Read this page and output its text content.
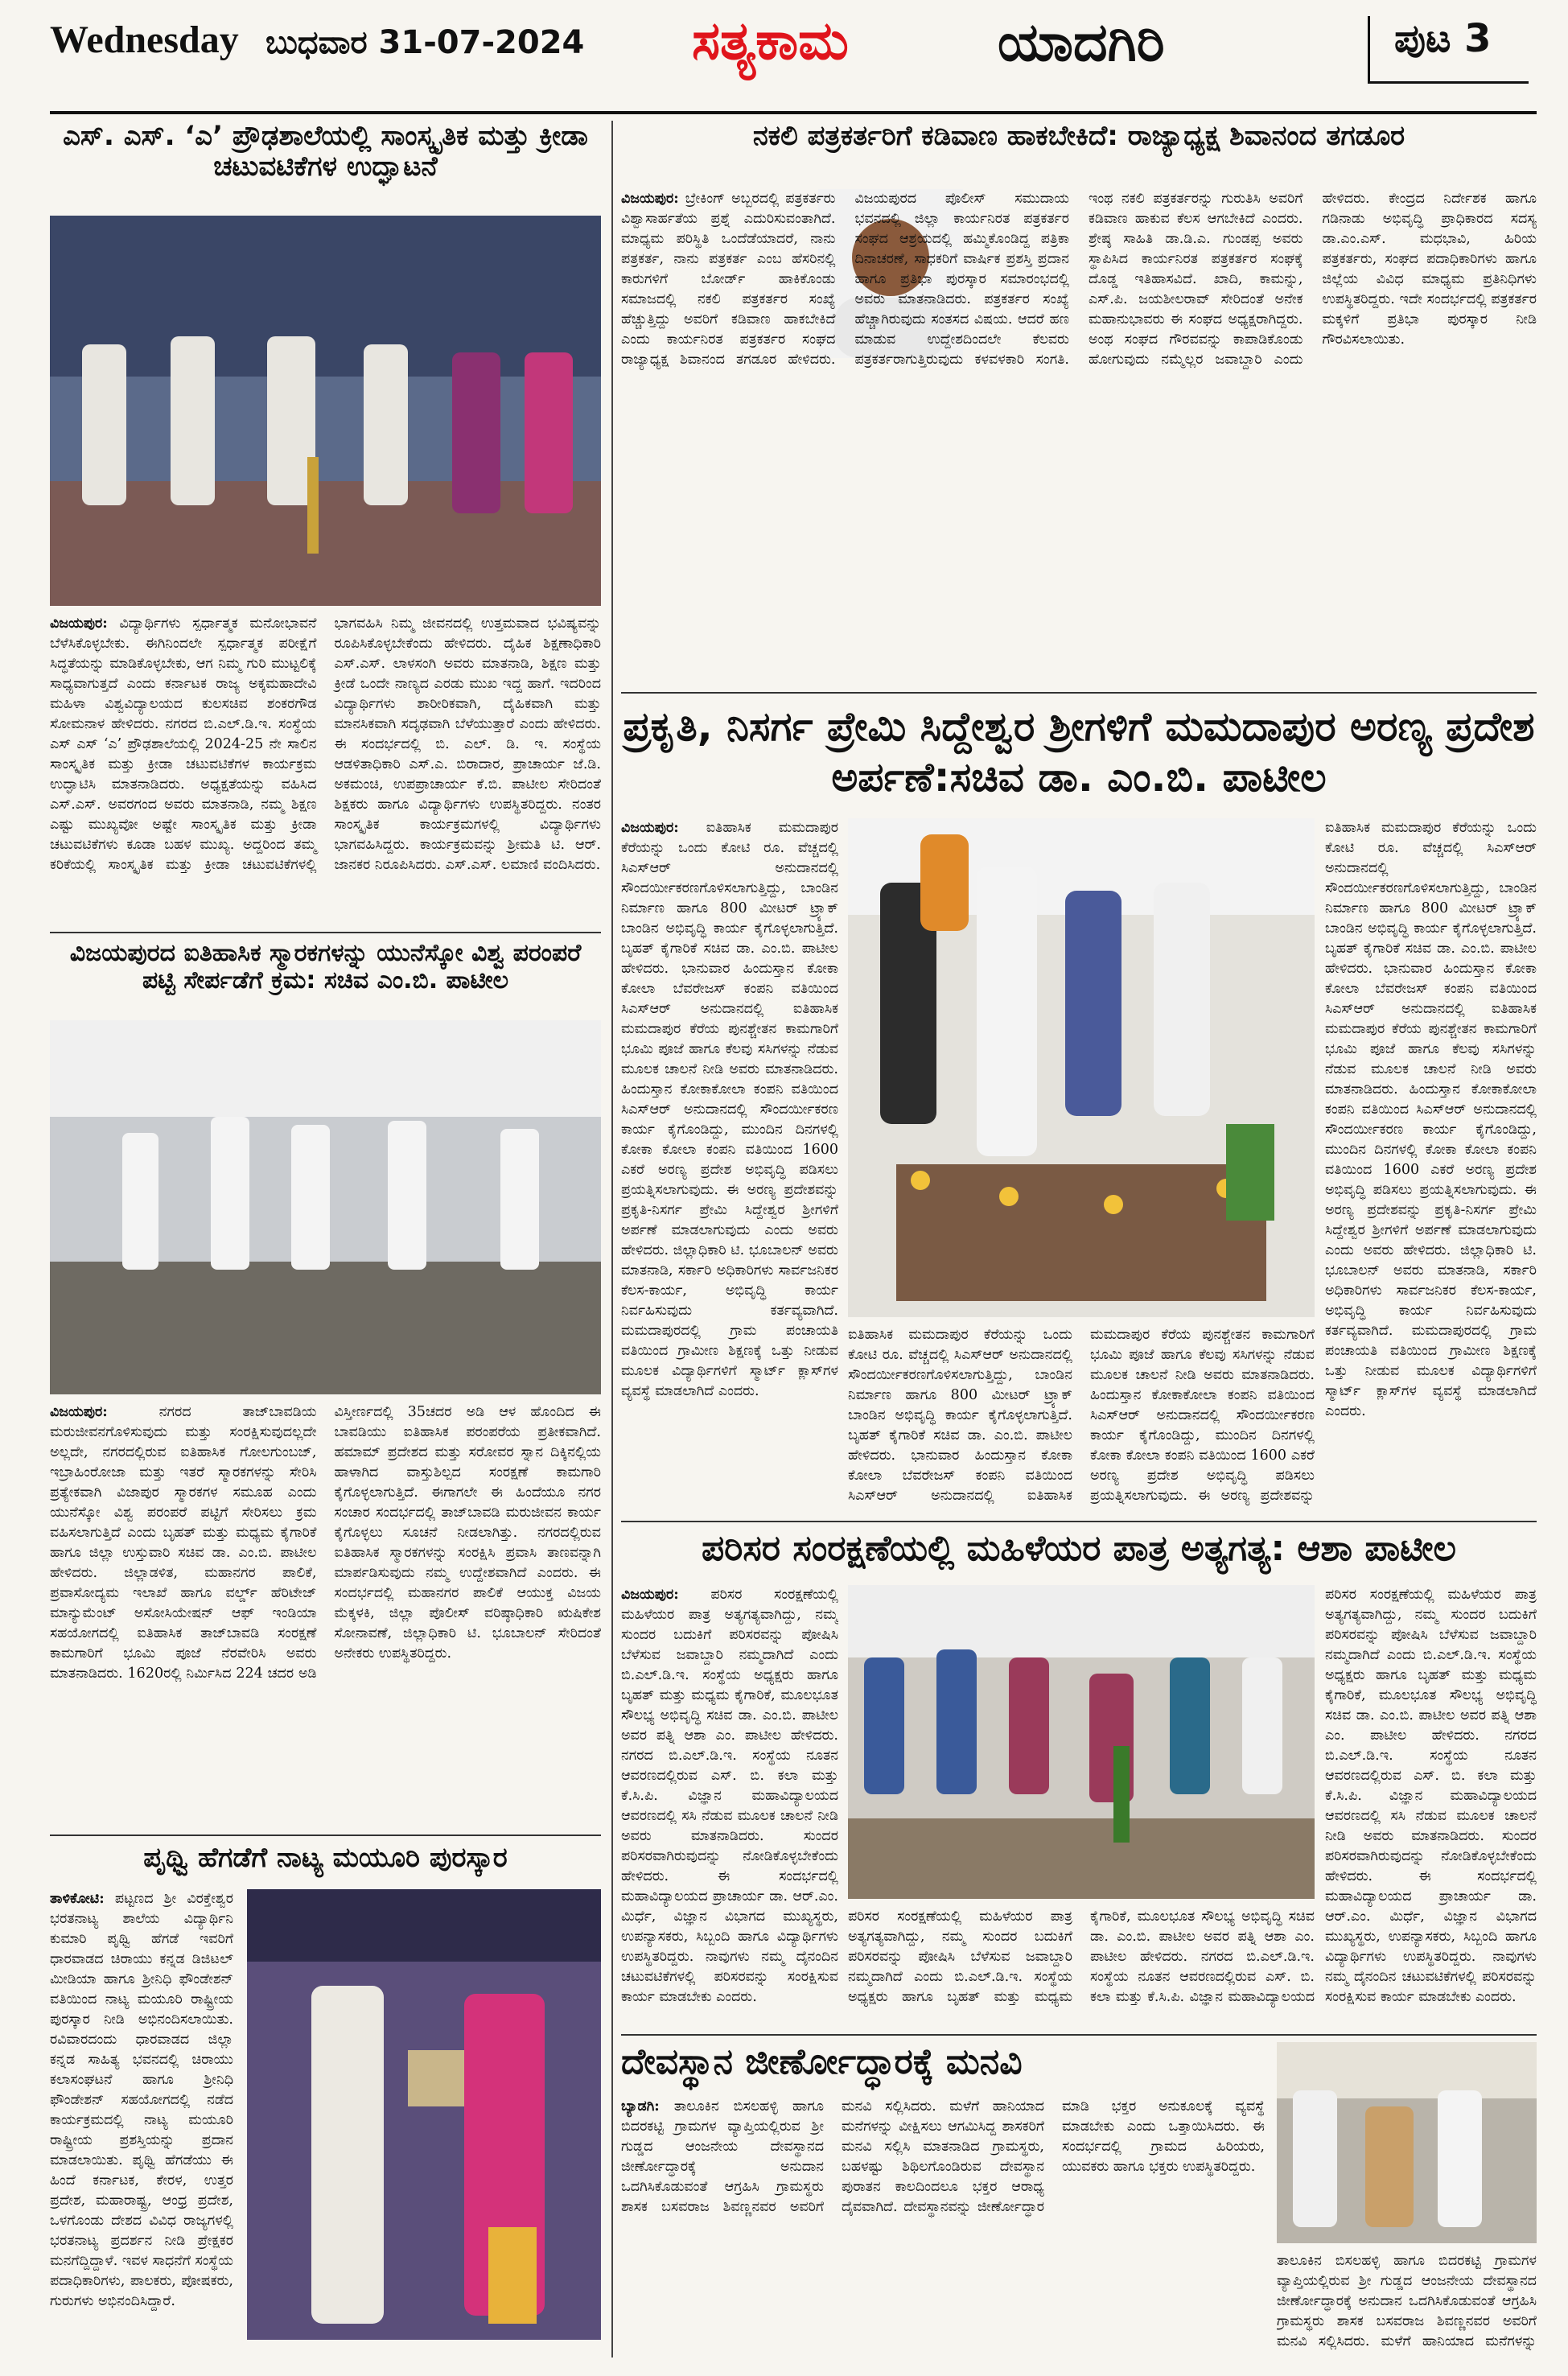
Wednesday ಬುಧವಾರ 31-07-2024 ಸತ್ಯಕಾಮ	ಯಾದಗಿರಿ	ಪುಟ 3
ಎಸ್. ಎಸ್. ‘ಎ’ ಪ್ರೌಢಶಾಲೆಯಲ್ಲಿ ಸಾಂಸ್ಕೃತಿಕ ಮತ್ತು ಕ್ರೀಡಾ ಚಟುವಟಿಕೆಗಳ ಉದ್ಘಾಟನೆ
ವಿಜಯಪುರ: ವಿದ್ಯಾರ್ಥಿಗಳು ಸ್ಪರ್ಧಾತ್ಮಕ ಮನೋಭಾವನೆ ಬೆಳೆಸಿಕೊಳ್ಳಬೇಕು. ಈಗಿನಿಂದಲೇ ಸ್ಪರ್ಧಾತ್ಮಕ ಪರೀಕ್ಷೆಗೆ ಸಿದ್ಧತೆಯನ್ನು ಮಾಡಿಕೊಳ್ಳಬೇಕು, ಆಗ ನಿಮ್ಮ ಗುರಿ ಮುಟ್ಟಲಿಕ್ಕೆ ಸಾಧ್ಯವಾಗುತ್ತದೆ ಎಂದು ಕರ್ನಾಟಕ ರಾಜ್ಯ ಅಕ್ಕಮಹಾದೇವಿ ಮಹಿಳಾ ವಿಶ್ವವಿದ್ಯಾಲಯದ ಕುಲಸಚಿವ ಶಂಕರಗೌಡ ಸೋಮನಾಳ ಹೇಳಿದರು. ನಗರದ ಬಿ.ಎಲ್.ಡಿ.ಇ. ಸಂಸ್ಥೆಯ ಎಸ್ ಎಸ್ ‘ಎ’ ಪ್ರೌಢಶಾಲೆಯಲ್ಲಿ 2024-25 ನೇ ಸಾಲಿನ ಸಾಂಸ್ಕೃತಿಕ ಮತ್ತು ಕ್ರೀಡಾ ಚಟುವಟಿಕೆಗಳ ಕಾರ್ಯಕ್ರಮ ಉದ್ಘಾಟಿಸಿ ಮಾತನಾಡಿದರು. ಅಧ್ಯಕ್ಷತೆಯನ್ನು ವಹಿಸಿದ ಎಸ್.ಎಸ್. ಅವರಗಂದ ಅವರು ಮಾತನಾಡಿ, ನಮ್ಮ ಶಿಕ್ಷಣ ಎಷ್ಟು ಮುಖ್ಯವೋ ಅಷ್ಟೇ ಸಾಂಸ್ಕೃತಿಕ ಮತ್ತು ಕ್ರೀಡಾ ಚಟುವಟಿಕೆಗಳು ಕೂಡಾ ಬಹಳ ಮುಖ್ಯ. ಅದ್ದರಿಂದ ತಮ್ಮ ಕರಿಕೆಯಲ್ಲಿ ಸಾಂಸ್ಕೃತಿಕ ಮತ್ತು ಕ್ರೀಡಾ ಚಟುವಟಿಕೆಗಳಲ್ಲಿ ಭಾಗವಹಿಸಿ ನಿಮ್ಮ ಜೀವನದಲ್ಲಿ ಉತ್ತಮವಾದ ಭವಿಷ್ಯವನ್ನು ರೂಪಿಸಿಕೊಳ್ಳಬೇಕೆಂದು ಹೇಳಿದರು. ದೈಹಿಕ ಶಿಕ್ಷಣಾಧಿಕಾರಿ ಎಸ್.ಎಸ್. ಲಾಳಸಂಗಿ ಅವರು ಮಾತನಾಡಿ, ಶಿಕ್ಷಣ ಮತ್ತು ಕ್ರೀಡೆ ಒಂದೇ ನಾಣ್ಯದ ಎರಡು ಮುಖ ಇದ್ದ ಹಾಗೆ. ಇದರಿಂದ ವಿದ್ಯಾರ್ಥಿಗಳು ಶಾರೀರಿಕವಾಗಿ, ದೈಹಿಕವಾಗಿ ಮತ್ತು ಮಾನಸಿಕವಾಗಿ ಸದೃಢವಾಗಿ ಬೆಳೆಯುತ್ತಾರೆ ಎಂದು ಹೇಳಿದರು. ಈ ಸಂದರ್ಭದಲ್ಲಿ ಬಿ. ಎಲ್. ಡಿ. ಇ. ಸಂಸ್ಥೆಯ ಆಡಳಿತಾಧಿಕಾರಿ ಎಸ್.ಎ. ಬಿರಾದಾರ, ಪ್ರಾಚಾರ್ಯ ಜೆ.ಡಿ. ಅಕಮಂಚಿ, ಉಪಪ್ರಾಚಾರ್ಯ ಕೆ.ಬಿ. ಪಾಟೀಲ ಸೇರಿದಂತೆ ಶಿಕ್ಷಕರು ಹಾಗೂ ವಿದ್ಯಾರ್ಥಿಗಳು ಉಪಸ್ಥಿತರಿದ್ದರು. ನಂತರ ಸಾಂಸ್ಕೃತಿಕ ಕಾರ್ಯಕ್ರಮಗಳಲ್ಲಿ ವಿದ್ಯಾರ್ಥಿಗಳು ಭಾಗವಹಿಸಿದ್ದರು. ಕಾರ್ಯಕ್ರಮವನ್ನು ಶ್ರೀಮತಿ ಟಿ. ಆರ್. ಜಾನಕರ ನಿರೂಪಿಸಿದರು. ಎಸ್.ಎಸ್. ಲಮಾಣಿ ವಂದಿಸಿದರು.
ವಿಜಯಪುರದ ಐತಿಹಾಸಿಕ ಸ್ಮಾರಕಗಳನ್ನು ಯುನೆಸ್ಕೋ ವಿಶ್ವ ಪರಂಪರೆ ಪಟ್ಟಿ ಸೇರ್ಪಡೆಗೆ ಕ್ರಮ: ಸಚಿವ ಎಂ.ಬಿ. ಪಾಟೀಲ
ವಿಜಯಪುರ:	ನಗರದ ತಾಜ್‌ಬಾವಡಿಯ ಮರುಜೀವನಗೊಳಿಸುವುದು ಮತ್ತು ಸಂರಕ್ಷಿಸುವುದಲ್ಲದೇ ಅಲ್ಲದೇ, ನಗರದಲ್ಲಿರುವ ಐತಿಹಾಸಿಕ ಗೋಲಗುಂಬಜ್, ಇಬ್ರಾಹಿಂರೋಜಾ ಮತ್ತು ಇತರೆ ಸ್ಮಾರಕಗಳನ್ನು ಸೇರಿಸಿ ಪ್ರತ್ಯೇಕವಾಗಿ ವಿಜಾಪುರ ಸ್ಮಾರಕಗಳ ಸಮೂಹ ಎಂದು ಯುನೆಸ್ಕೋ ವಿಶ್ವ ಪರಂಪರೆ ಪಟ್ಟಿಗೆ ಸೇರಿಸಲು ಕ್ರಮ ವಹಿಸಲಾಗುತ್ತಿದೆ ಎಂದು ಬೃಹತ್ ಮತ್ತು ಮಧ್ಯಮ ಕೈಗಾರಿಕೆ ಹಾಗೂ ಜಿಲ್ಲಾ ಉಸ್ತುವಾರಿ ಸಚಿವ ಡಾ. ಎಂ.ಬಿ. ಪಾಟೀಲ ಹೇಳಿದರು. ಜಿಲ್ಲಾಡಳಿತ, ಮಹಾನಗರ ಪಾಲಿಕೆ, ಪ್ರವಾಸೋದ್ಯಮ ಇಲಾಖೆ ಹಾಗೂ ವರ್ಲ್ಡ್ ಹೆರಿಟೇಜ್ ಮಾನ್ಯುಮೆಂಟ್ ಅಸೋಸಿಯೇಷನ್ ಆಫ್ ಇಂಡಿಯಾ ಸಹಯೋಗದಲ್ಲಿ ಐತಿಹಾಸಿಕ ತಾಜ್‌ಬಾವಡಿ ಸಂರಕ್ಷಣೆ ಕಾಮಗಾರಿಗೆ ಭೂಮಿ ಪೂಜೆ ನೆರವೇರಿಸಿ ಅವರು ಮಾತನಾಡಿದರು. 1620ರಲ್ಲಿ ನಿರ್ಮಿಸಿದ 224 ಚದರ ಅಡಿ ವಿಸ್ತೀರ್ಣದಲ್ಲಿ 35ಚದರ ಅಡಿ ಆಳ ಹೊಂದಿದ ಈ ಬಾವಡಿಯು ಐತಿಹಾಸಿಕ ಪರಂಪರೆಯ ಪ್ರತೀಕವಾಗಿದೆ. ಹಮಾಮ್ ಪ್ರದೇಶದ ಮತ್ತು ಸರೋವರ ಸ್ನಾನ ದಿಕ್ಕಿನಲ್ಲಿಯ ಹಾಳಾಗಿದ ವಾಸ್ತುಶಿಲ್ಪದ ಸಂರಕ್ಷಣೆ ಕಾಮಗಾರಿ ಕೈಗೊಳ್ಳಲಾಗುತ್ತಿದೆ. ಈಗಾಗಲೇ ಈ ಹಿಂದೆಯೂ ನಗರ ಸಂಚಾರ ಸಂದರ್ಭದಲ್ಲಿ ತಾಜ್‌ಬಾವಡಿ ಮರುಜೀವನ ಕಾರ್ಯ ಕೈಗೊಳ್ಳಲು ಸೂಚನೆ ನೀಡಲಾಗಿತ್ತು. ನಗರದಲ್ಲಿರುವ ಐತಿಹಾಸಿಕ ಸ್ಮಾರಕಗಳನ್ನು ಸಂರಕ್ಷಿಸಿ ಪ್ರವಾಸಿ ತಾಣವನ್ನಾಗಿ ಮಾರ್ಪಡಿಸುವುದು ನಮ್ಮ ಉದ್ದೇಶವಾಗಿದೆ ಎಂದರು. ಈ ಸಂದರ್ಭದಲ್ಲಿ ಮಹಾನಗರ ಪಾಲಿಕೆ ಆಯುಕ್ತ ವಿಜಯ ಮೆಕ್ಕಳಕಿ, ಜಿಲ್ಲಾ ಪೊಲೀಸ್ ವರಿಷ್ಠಾಧಿಕಾರಿ ಋಷಿಕೇಶ ಸೋನಾವಣೆ, ಜಿಲ್ಲಾಧಿಕಾರಿ ಟಿ. ಭೂಬಾಲನ್ ಸೇರಿದಂತೆ ಅನೇಕರು ಉಪಸ್ಥಿತರಿದ್ದರು.
ಪೃಥ್ವಿ ಹೆಗಡೆಗೆ ನಾಟ್ಯ ಮಯೂರಿ ಪುರಸ್ಕಾರ
ತಾಳಿಕೋಟಿ: ಪಟ್ಟಣದ ಶ್ರೀ ವಿರಕ್ತೇಶ್ವರ ಭರತನಾಟ್ಯ ಶಾಲೆಯ ವಿದ್ಯಾರ್ಥಿನಿ ಕುಮಾರಿ ಪೃಥ್ವಿ ಹೆಗಡೆ ಇವರಿಗೆ ಧಾರವಾಡದ ಚಿರಾಯು ಕನ್ನಡ ಡಿಜಿಟಲ್ ಮೀಡಿಯಾ ಹಾಗೂ ಶ್ರೀನಿಧಿ ಫೌಂಡೇಶನ್ ವತಿಯಿಂದ ನಾಟ್ಯ ಮಯೂರಿ ರಾಷ್ಟ್ರೀಯ ಪುರಸ್ಕಾರ ನೀಡಿ ಅಭಿನಂದಿಸಲಾಯಿತು. ರವಿವಾರದಂದು ಧಾರವಾಡದ ಜಿಲ್ಲಾ ಕನ್ನಡ ಸಾಹಿತ್ಯ ಭವನದಲ್ಲಿ ಚಿರಾಯು ಕಲಾಸಂಘಟನೆ ಹಾಗೂ ಶ್ರೀನಿಧಿ ಫೌಂಡೇಶನ್ ಸಹಯೋಗದಲ್ಲಿ ನಡೆದ ಕಾರ್ಯಕ್ರಮದಲ್ಲಿ ನಾಟ್ಯ ಮಯೂರಿ ರಾಷ್ಟ್ರೀಯ ಪ್ರಶಸ್ತಿಯನ್ನು ಪ್ರದಾನ ಮಾಡಲಾಯಿತು. ಪೃಥ್ವಿ ಹೆಗಡೆಯು ಈ ಹಿಂದೆ ಕರ್ನಾಟಕ, ಕೇರಳ, ಉತ್ತರ ಪ್ರದೇಶ, ಮಹಾರಾಷ್ಟ್ರ, ಆಂಧ್ರ ಪ್ರದೇಶ, ಒಳಗೊಂಡು ದೇಶದ ವಿವಿಧ ರಾಜ್ಯಗಳಲ್ಲಿ ಭರತನಾಟ್ಯ ಪ್ರದರ್ಶನ ನೀಡಿ ಪ್ರೇಕ್ಷಕರ ಮನಗೆದ್ದಿದ್ದಾಳೆ. ಇವಳ ಸಾಧನೆಗೆ ಸಂಸ್ಥೆಯ ಪದಾಧಿಕಾರಿಗಳು, ಪಾಲಕರು, ಪೋಷಕರು, ಗುರುಗಳು ಅಭಿನಂದಿಸಿದ್ದಾರೆ.
ನಕಲಿ ಪತ್ರಕರ್ತರಿಗೆ ಕಡಿವಾಣ ಹಾಕಬೇಕಿದೆ: ರಾಜ್ಯಾಧ್ಯಕ್ಷ ಶಿವಾನಂದ ತಗಡೂರ
ವಿಜಯಪುರ: ಬ್ರೇಕಿಂಗ್ ಅಬ್ಬರದಲ್ಲಿ ಪತ್ರಕರ್ತರು ವಿಶ್ವಾಸಾರ್ಹತೆಯ ಪ್ರಶ್ನೆ ಎದುರಿಸುವಂತಾಗಿದೆ. ಮಾಧ್ಯಮ ಪರಿಸ್ಥಿತಿ ಒಂದೆಡೆಯಾದರೆ, ನಾನು ಪತ್ರಕರ್ತ, ನಾನು ಪತ್ರಕರ್ತ ಎಂಬ ಹೆಸರಿನಲ್ಲಿ ಕಾರುಗಳಿಗೆ ಬೋರ್ಡ್ ಹಾಕಿಕೊಂಡು ಸಮಾಜದಲ್ಲಿ ನಕಲಿ ಪತ್ರಕರ್ತರ ಸಂಖ್ಯೆ ಹೆಚ್ಚುತ್ತಿದ್ದು ಅವರಿಗೆ ಕಡಿವಾಣ ಹಾಕಬೇಕಿದೆ ಎಂದು ಕಾರ್ಯನಿರತ ಪತ್ರಕರ್ತರ ಸಂಘದ ರಾಜ್ಯಾಧ್ಯಕ್ಷ ಶಿವಾನಂದ ತಗಡೂರ ಹೇಳಿದರು. ವಿಜಯಪುರದ ಪೊಲೀಸ್ ಸಮುದಾಯ ಭವನದಲ್ಲಿ ಜಿಲ್ಲಾ ಕಾರ್ಯನಿರತ ಪತ್ರಕರ್ತರ ಸಂಘದ ಆಶ್ರಯದಲ್ಲಿ ಹಮ್ಮಿಕೊಂಡಿದ್ದ ಪತ್ರಿಕಾ ದಿನಾಚರಣೆ, ಸಾಧಕರಿಗೆ ವಾರ್ಷಿಕ ಪ್ರಶಸ್ತಿ ಪ್ರದಾನ ಹಾಗೂ ಪ್ರತಿಭಾ ಪುರಸ್ಕಾರ ಸಮಾರಂಭದಲ್ಲಿ ಅವರು ಮಾತನಾಡಿದರು. ಪತ್ರಕರ್ತರ ಸಂಖ್ಯೆ ಹೆಚ್ಚಾಗಿರುವುದು ಸಂತಸದ ವಿಷಯ. ಆದರೆ ಹಣ ಮಾಡುವ ಉದ್ದೇಶದಿಂದಲೇ ಕೆಲವರು ಪತ್ರಕರ್ತರಾಗುತ್ತಿರುವುದು ಕಳವಳಕಾರಿ ಸಂಗತಿ. ಇಂಥ ನಕಲಿ ಪತ್ರಕರ್ತರನ್ನು ಗುರುತಿಸಿ ಅವರಿಗೆ ಕಡಿವಾಣ ಹಾಕುವ ಕೆಲಸ ಆಗಬೇಕಿದೆ ಎಂದರು. ಶ್ರೇಷ್ಠ ಸಾಹಿತಿ ಡಾ.ಡಿ.ಎ. ಗುಂಡಪ್ಪ ಅವರು ಸ್ಥಾಪಿಸಿದ ಕಾರ್ಯನಿರತ ಪತ್ರಕರ್ತರ ಸಂಘಕ್ಕೆ ದೊಡ್ಡ ಇತಿಹಾಸವಿದೆ. ಖಾದಿ, ಕಾಮನ್ನು, ಎಸ್.ಪಿ. ಜಯಶೀಲರಾವ್ ಸೇರಿದಂತೆ ಅನೇಕ ಮಹಾನುಭಾವರು ಈ ಸಂಘದ ಅಧ್ಯಕ್ಷರಾಗಿದ್ದರು. ಅಂಥ ಸಂಘದ ಗೌರವವನ್ನು ಕಾಪಾಡಿಕೊಂಡು ಹೋಗುವುದು ನಮ್ಮೆಲ್ಲರ ಜವಾಬ್ದಾರಿ ಎಂದು ಹೇಳಿದರು. ಕೇಂದ್ರದ ನಿರ್ದೇಶಕ ಹಾಗೂ ಗಡಿನಾಡು ಅಭಿವೃದ್ಧಿ ಪ್ರಾಧಿಕಾರದ ಸದಸ್ಯ ಡಾ.ಎಂ.ಎಸ್. ಮಧಭಾವಿ, ಹಿರಿಯ ಪತ್ರಕರ್ತರು, ಸಂಘದ ಪದಾಧಿಕಾರಿಗಳು ಹಾಗೂ ಜಿಲ್ಲೆಯ ವಿವಿಧ ಮಾಧ್ಯಮ ಪ್ರತಿನಿಧಿಗಳು ಉಪಸ್ಥಿತರಿದ್ದರು. ಇದೇ ಸಂದರ್ಭದಲ್ಲಿ ಪತ್ರಕರ್ತರ ಮಕ್ಕಳಿಗೆ ಪ್ರತಿಭಾ ಪುರಸ್ಕಾರ ನೀಡಿ ಗೌರವಿಸಲಾಯಿತು.
ಪ್ರಕೃತಿ, ನಿಸರ್ಗ ಪ್ರೇಮಿ ಸಿದ್ದೇಶ್ವರ ಶ್ರೀಗಳಿಗೆ ಮಮದಾಪುರ ಅರಣ್ಯ ಪ್ರದೇಶ ಅರ್ಪಣೆ:ಸಚಿವ ಡಾ. ಎಂ.ಬಿ. ಪಾಟೀಲ
ವಿಜಯಪುರ: ಐತಿಹಾಸಿಕ ಮಮದಾಪುರ ಕೆರೆಯನ್ನು ಒಂದು ಕೋಟಿ ರೂ. ವೆಚ್ಚದಲ್ಲಿ ಸಿಎಸ್‌ಆರ್ ಅನುದಾನದಲ್ಲಿ ಸೌಂದರ್ಯೀಕರಣಗೊಳಿಸಲಾಗುತ್ತಿದ್ದು, ಬಾಂಡಿನ ನಿರ್ಮಾಣ ಹಾಗೂ 800 ಮೀಟರ್ ಟ್ರ್ಯಾಕ್ ಬಾಂಡಿನ ಅಭಿವೃದ್ಧಿ ಕಾರ್ಯ ಕೈಗೊಳ್ಳಲಾಗುತ್ತಿದೆ. ಬೃಹತ್ ಕೈಗಾರಿಕೆ ಸಚಿವ ಡಾ. ಎಂ.ಬಿ. ಪಾಟೀಲ ಹೇಳಿದರು. ಭಾನುವಾರ ಹಿಂದುಸ್ತಾನ ಕೋಕಾ ಕೋಲಾ ಬೆವರೇಜಸ್ ಕಂಪನಿ ವತಿಯಿಂದ ಸಿಎಸ್‌ಆರ್ ಅನುದಾನದಲ್ಲಿ ಐತಿಹಾಸಿಕ ಮಮದಾಪುರ ಕೆರೆಯ ಪುನಶ್ಚೇತನ ಕಾಮಗಾರಿಗೆ ಭೂಮಿ ಪೂಜೆ ಹಾಗೂ ಕೆಲವು ಸಸಿಗಳನ್ನು ನೆಡುವ ಮೂಲಕ ಚಾಲನೆ ನೀಡಿ ಅವರು ಮಾತನಾಡಿದರು. ಹಿಂದುಸ್ತಾನ ಕೋಕಾಕೋಲಾ ಕಂಪನಿ ವತಿಯಿಂದ ಸಿಎಸ್‌ಆರ್ ಅನುದಾನದಲ್ಲಿ ಸೌಂದರ್ಯೀಕರಣ ಕಾರ್ಯ ಕೈಗೊಂಡಿದ್ದು, ಮುಂದಿನ ದಿನಗಳಲ್ಲಿ ಕೋಕಾ ಕೋಲಾ ಕಂಪನಿ ವತಿಯಿಂದ 1600 ಎಕರೆ ಅರಣ್ಯ ಪ್ರದೇಶ ಅಭಿವೃದ್ಧಿ ಪಡಿಸಲು ಪ್ರಯತ್ನಿಸಲಾಗುವುದು. ಈ ಅರಣ್ಯ ಪ್ರದೇಶವನ್ನು ಪ್ರಕೃತಿ-ನಿಸರ್ಗ ಪ್ರೇಮಿ ಸಿದ್ದೇಶ್ವರ ಶ್ರೀಗಳಿಗೆ ಅರ್ಪಣೆ ಮಾಡಲಾಗುವುದು ಎಂದು ಅವರು ಹೇಳಿದರು. ಜಿಲ್ಲಾಧಿಕಾರಿ ಟಿ. ಭೂಬಾಲನ್ ಅವರು ಮಾತನಾಡಿ, ಸರ್ಕಾರಿ ಅಧಿಕಾರಿಗಳು ಸಾರ್ವಜನಿಕರ ಕೆಲಸ-ಕಾರ್ಯ, ಅಭಿವೃದ್ಧಿ ಕಾರ್ಯ ನಿರ್ವಹಿಸುವುದು ಕರ್ತವ್ಯವಾಗಿದೆ. ಮಮದಾಪುರದಲ್ಲಿ ಗ್ರಾಮ ಪಂಚಾಯತಿ ವತಿಯಿಂದ ಗ್ರಾಮೀಣ ಶಿಕ್ಷಣಕ್ಕೆ ಒತ್ತು ನೀಡುವ ಮೂಲಕ ವಿದ್ಯಾರ್ಥಿಗಳಿಗೆ ಸ್ಮಾರ್ಟ್ ಕ್ಲಾಸ್‌ಗಳ ವ್ಯವಸ್ಥೆ ಮಾಡಲಾಗಿದೆ ಎಂದರು.
ಐತಿಹಾಸಿಕ ಮಮದಾಪುರ ಕೆರೆಯನ್ನು ಒಂದು ಕೋಟಿ ರೂ. ವೆಚ್ಚದಲ್ಲಿ ಸಿಎಸ್‌ಆರ್ ಅನುದಾನದಲ್ಲಿ ಸೌಂದರ್ಯೀಕರಣಗೊಳಿಸಲಾಗುತ್ತಿದ್ದು, ಬಾಂಡಿನ ನಿರ್ಮಾಣ ಹಾಗೂ 800 ಮೀಟರ್ ಟ್ರ್ಯಾಕ್ ಬಾಂಡಿನ ಅಭಿವೃದ್ಧಿ ಕಾರ್ಯ ಕೈಗೊಳ್ಳಲಾಗುತ್ತಿದೆ. ಬೃಹತ್ ಕೈಗಾರಿಕೆ ಸಚಿವ ಡಾ. ಎಂ.ಬಿ. ಪಾಟೀಲ ಹೇಳಿದರು. ಭಾನುವಾರ ಹಿಂದುಸ್ತಾನ ಕೋಕಾ ಕೋಲಾ ಬೆವರೇಜಸ್ ಕಂಪನಿ ವತಿಯಿಂದ ಸಿಎಸ್‌ಆರ್ ಅನುದಾನದಲ್ಲಿ ಐತಿಹಾಸಿಕ ಮಮದಾಪುರ ಕೆರೆಯ ಪುನಶ್ಚೇತನ ಕಾಮಗಾರಿಗೆ ಭೂಮಿ ಪೂಜೆ ಹಾಗೂ ಕೆಲವು ಸಸಿಗಳನ್ನು ನೆಡುವ ಮೂಲಕ ಚಾಲನೆ ನೀಡಿ ಅವರು ಮಾತನಾಡಿದರು. ಹಿಂದುಸ್ತಾನ ಕೋಕಾಕೋಲಾ ಕಂಪನಿ ವತಿಯಿಂದ ಸಿಎಸ್‌ಆರ್ ಅನುದಾನದಲ್ಲಿ ಸೌಂದರ್ಯೀಕರಣ ಕಾರ್ಯ ಕೈಗೊಂಡಿದ್ದು, ಮುಂದಿನ ದಿನಗಳಲ್ಲಿ ಕೋಕಾ ಕೋಲಾ ಕಂಪನಿ ವತಿಯಿಂದ 1600 ಎಕರೆ ಅರಣ್ಯ ಪ್ರದೇಶ ಅಭಿವೃದ್ಧಿ ಪಡಿಸಲು ಪ್ರಯತ್ನಿಸಲಾಗುವುದು. ಈ ಅರಣ್ಯ ಪ್ರದೇಶವನ್ನು
ಐತಿಹಾಸಿಕ ಮಮದಾಪುರ ಕೆರೆಯನ್ನು ಒಂದು ಕೋಟಿ ರೂ. ವೆಚ್ಚದಲ್ಲಿ ಸಿಎಸ್‌ಆರ್ ಅನುದಾನದಲ್ಲಿ ಸೌಂದರ್ಯೀಕರಣಗೊಳಿಸಲಾಗುತ್ತಿದ್ದು, ಬಾಂಡಿನ ನಿರ್ಮಾಣ ಹಾಗೂ 800 ಮೀಟರ್ ಟ್ರ್ಯಾಕ್ ಬಾಂಡಿನ ಅಭಿವೃದ್ಧಿ ಕಾರ್ಯ ಕೈಗೊಳ್ಳಲಾಗುತ್ತಿದೆ. ಬೃಹತ್ ಕೈಗಾರಿಕೆ ಸಚಿವ ಡಾ. ಎಂ.ಬಿ. ಪಾಟೀಲ ಹೇಳಿದರು. ಭಾನುವಾರ ಹಿಂದುಸ್ತಾನ ಕೋಕಾ ಕೋಲಾ ಬೆವರೇಜಸ್ ಕಂಪನಿ ವತಿಯಿಂದ ಸಿಎಸ್‌ಆರ್ ಅನುದಾನದಲ್ಲಿ ಐತಿಹಾಸಿಕ ಮಮದಾಪುರ ಕೆರೆಯ ಪುನಶ್ಚೇತನ ಕಾಮಗಾರಿಗೆ ಭೂಮಿ ಪೂಜೆ ಹಾಗೂ ಕೆಲವು ಸಸಿಗಳನ್ನು ನೆಡುವ ಮೂಲಕ ಚಾಲನೆ ನೀಡಿ ಅವರು ಮಾತನಾಡಿದರು. ಹಿಂದುಸ್ತಾನ ಕೋಕಾಕೋಲಾ ಕಂಪನಿ ವತಿಯಿಂದ ಸಿಎಸ್‌ಆರ್ ಅನುದಾನದಲ್ಲಿ ಸೌಂದರ್ಯೀಕರಣ ಕಾರ್ಯ ಕೈಗೊಂಡಿದ್ದು, ಮುಂದಿನ ದಿನಗಳಲ್ಲಿ ಕೋಕಾ ಕೋಲಾ ಕಂಪನಿ ವತಿಯಿಂದ 1600 ಎಕರೆ ಅರಣ್ಯ ಪ್ರದೇಶ ಅಭಿವೃದ್ಧಿ ಪಡಿಸಲು ಪ್ರಯತ್ನಿಸಲಾಗುವುದು. ಈ ಅರಣ್ಯ ಪ್ರದೇಶವನ್ನು ಪ್ರಕೃತಿ-ನಿಸರ್ಗ ಪ್ರೇಮಿ ಸಿದ್ದೇಶ್ವರ ಶ್ರೀಗಳಿಗೆ ಅರ್ಪಣೆ ಮಾಡಲಾಗುವುದು ಎಂದು ಅವರು ಹೇಳಿದರು. ಜಿಲ್ಲಾಧಿಕಾರಿ ಟಿ. ಭೂಬಾಲನ್ ಅವರು ಮಾತನಾಡಿ, ಸರ್ಕಾರಿ ಅಧಿಕಾರಿಗಳು ಸಾರ್ವಜನಿಕರ ಕೆಲಸ-ಕಾರ್ಯ, ಅಭಿವೃದ್ಧಿ ಕಾರ್ಯ ನಿರ್ವಹಿಸುವುದು ಕರ್ತವ್ಯವಾಗಿದೆ. ಮಮದಾಪುರದಲ್ಲಿ ಗ್ರಾಮ ಪಂಚಾಯತಿ ವತಿಯಿಂದ ಗ್ರಾಮೀಣ ಶಿಕ್ಷಣಕ್ಕೆ ಒತ್ತು ನೀಡುವ ಮೂಲಕ ವಿದ್ಯಾರ್ಥಿಗಳಿಗೆ ಸ್ಮಾರ್ಟ್ ಕ್ಲಾಸ್‌ಗಳ ವ್ಯವಸ್ಥೆ ಮಾಡಲಾಗಿದೆ ಎಂದರು.
ಪರಿಸರ ಸಂರಕ್ಷಣೆಯಲ್ಲಿ ಮಹಿಳೆಯರ ಪಾತ್ರ ಅತ್ಯಗತ್ಯ: ಆಶಾ ಪಾಟೀಲ
ವಿಜಯಪುರ: ಪರಿಸರ ಸಂರಕ್ಷಣೆಯಲ್ಲಿ ಮಹಿಳೆಯರ ಪಾತ್ರ ಅತ್ಯಗತ್ಯವಾಗಿದ್ದು, ನಮ್ಮ ಸುಂದರ ಬದುಕಿಗೆ ಪರಿಸರವನ್ನು ಪೋಷಿಸಿ ಬೆಳೆಸುವ ಜವಾಬ್ದಾರಿ ನಮ್ಮದಾಗಿದೆ ಎಂದು ಬಿ.ಎಲ್.ಡಿ.ಇ. ಸಂಸ್ಥೆಯ ಅಧ್ಯಕ್ಷರು ಹಾಗೂ ಬೃಹತ್ ಮತ್ತು ಮಧ್ಯಮ ಕೈಗಾರಿಕೆ, ಮೂಲಭೂತ ಸೌಲಭ್ಯ ಅಭಿವೃದ್ಧಿ ಸಚಿವ ಡಾ. ಎಂ.ಬಿ. ಪಾಟೀಲ ಅವರ ಪತ್ನಿ ಆಶಾ ಎಂ. ಪಾಟೀಲ ಹೇಳಿದರು. ನಗರದ ಬಿ.ಎಲ್.ಡಿ.ಇ. ಸಂಸ್ಥೆಯ ನೂತನ ಆವರಣದಲ್ಲಿರುವ ಎಸ್. ಬಿ. ಕಲಾ ಮತ್ತು ಕೆ.ಸಿ.ಪಿ. ವಿಜ್ಞಾನ ಮಹಾವಿದ್ಯಾಲಯದ ಆವರಣದಲ್ಲಿ ಸಸಿ ನೆಡುವ ಮೂಲಕ ಚಾಲನೆ ನೀಡಿ ಅವರು ಮಾತನಾಡಿದರು. ಸುಂದರ ಪರಿಸರವಾಗಿರುವುದನ್ನು ನೋಡಿಕೊಳ್ಳಬೇಕೆಂದು ಹೇಳಿದರು. ಈ ಸಂದರ್ಭದಲ್ಲಿ ಮಹಾವಿದ್ಯಾಲಯದ ಪ್ರಾಚಾರ್ಯ ಡಾ. ಆರ್.ಎಂ. ಮಿರ್ಧೆ, ವಿಜ್ಞಾನ ವಿಭಾಗದ ಮುಖ್ಯಸ್ಥರು, ಉಪನ್ಯಾಸಕರು, ಸಿಬ್ಬಂದಿ ಹಾಗೂ ವಿದ್ಯಾರ್ಥಿಗಳು ಉಪಸ್ಥಿತರಿದ್ದರು. ನಾವುಗಳು ನಮ್ಮ ದೈನಂದಿನ ಚಟುವಟಿಕೆಗಳಲ್ಲಿ ಪರಿಸರವನ್ನು ಸಂರಕ್ಷಿಸುವ ಕಾರ್ಯ ಮಾಡಬೇಕು ಎಂದರು.
ಪರಿಸರ ಸಂರಕ್ಷಣೆಯಲ್ಲಿ ಮಹಿಳೆಯರ ಪಾತ್ರ ಅತ್ಯಗತ್ಯವಾಗಿದ್ದು, ನಮ್ಮ ಸುಂದರ ಬದುಕಿಗೆ ಪರಿಸರವನ್ನು ಪೋಷಿಸಿ ಬೆಳೆಸುವ ಜವಾಬ್ದಾರಿ ನಮ್ಮದಾಗಿದೆ ಎಂದು ಬಿ.ಎಲ್.ಡಿ.ಇ. ಸಂಸ್ಥೆಯ ಅಧ್ಯಕ್ಷರು ಹಾಗೂ ಬೃಹತ್ ಮತ್ತು ಮಧ್ಯಮ ಕೈಗಾರಿಕೆ, ಮೂಲಭೂತ ಸೌಲಭ್ಯ ಅಭಿವೃದ್ಧಿ ಸಚಿವ ಡಾ. ಎಂ.ಬಿ. ಪಾಟೀಲ ಅವರ ಪತ್ನಿ ಆಶಾ ಎಂ. ಪಾಟೀಲ ಹೇಳಿದರು. ನಗರದ ಬಿ.ಎಲ್.ಡಿ.ಇ. ಸಂಸ್ಥೆಯ ನೂತನ ಆವರಣದಲ್ಲಿರುವ ಎಸ್. ಬಿ. ಕಲಾ ಮತ್ತು ಕೆ.ಸಿ.ಪಿ. ವಿಜ್ಞಾನ ಮಹಾವಿದ್ಯಾಲಯದ
ಪರಿಸರ ಸಂರಕ್ಷಣೆಯಲ್ಲಿ ಮಹಿಳೆಯರ ಪಾತ್ರ ಅತ್ಯಗತ್ಯವಾಗಿದ್ದು, ನಮ್ಮ ಸುಂದರ ಬದುಕಿಗೆ ಪರಿಸರವನ್ನು ಪೋಷಿಸಿ ಬೆಳೆಸುವ ಜವಾಬ್ದಾರಿ ನಮ್ಮದಾಗಿದೆ ಎಂದು ಬಿ.ಎಲ್.ಡಿ.ಇ. ಸಂಸ್ಥೆಯ ಅಧ್ಯಕ್ಷರು ಹಾಗೂ ಬೃಹತ್ ಮತ್ತು ಮಧ್ಯಮ ಕೈಗಾರಿಕೆ, ಮೂಲಭೂತ ಸೌಲಭ್ಯ ಅಭಿವೃದ್ಧಿ ಸಚಿವ ಡಾ. ಎಂ.ಬಿ. ಪಾಟೀಲ ಅವರ ಪತ್ನಿ ಆಶಾ ಎಂ. ಪಾಟೀಲ ಹೇಳಿದರು. ನಗರದ ಬಿ.ಎಲ್.ಡಿ.ಇ. ಸಂಸ್ಥೆಯ ನೂತನ ಆವರಣದಲ್ಲಿರುವ ಎಸ್. ಬಿ. ಕಲಾ ಮತ್ತು ಕೆ.ಸಿ.ಪಿ. ವಿಜ್ಞಾನ ಮಹಾವಿದ್ಯಾಲಯದ ಆವರಣದಲ್ಲಿ ಸಸಿ ನೆಡುವ ಮೂಲಕ ಚಾಲನೆ ನೀಡಿ ಅವರು ಮಾತನಾಡಿದರು. ಸುಂದರ ಪರಿಸರವಾಗಿರುವುದನ್ನು ನೋಡಿಕೊಳ್ಳಬೇಕೆಂದು ಹೇಳಿದರು. ಈ ಸಂದರ್ಭದಲ್ಲಿ ಮಹಾವಿದ್ಯಾಲಯದ ಪ್ರಾಚಾರ್ಯ ಡಾ. ಆರ್.ಎಂ. ಮಿರ್ಧೆ, ವಿಜ್ಞಾನ ವಿಭಾಗದ ಮುಖ್ಯಸ್ಥರು, ಉಪನ್ಯಾಸಕರು, ಸಿಬ್ಬಂದಿ ಹಾಗೂ ವಿದ್ಯಾರ್ಥಿಗಳು ಉಪಸ್ಥಿತರಿದ್ದರು. ನಾವುಗಳು ನಮ್ಮ ದೈನಂದಿನ ಚಟುವಟಿಕೆಗಳಲ್ಲಿ ಪರಿಸರವನ್ನು ಸಂರಕ್ಷಿಸುವ ಕಾರ್ಯ ಮಾಡಬೇಕು ಎಂದರು.
ದೇವಸ್ಥಾನ ಜೀರ್ಣೋದ್ಧಾರಕ್ಕೆ ಮನವಿ
ಬ್ಯಾಡಗಿ: ತಾಲೂಕಿನ ಬಿಸಲಹಳ್ಳಿ ಹಾಗೂ ಬಿದರಕಟ್ಟಿ ಗ್ರಾಮಗಳ ವ್ಯಾಪ್ತಿಯಲ್ಲಿರುವ ಶ್ರೀ ಗುಡ್ಡದ ಆಂಜನೇಯ ದೇವಸ್ಥಾನದ ಜೀರ್ಣೋದ್ಧಾರಕ್ಕೆ ಅನುದಾನ ಒದಗಿಸಿಕೊಡುವಂತೆ ಆಗ್ರಹಿಸಿ ಗ್ರಾಮಸ್ಥರು ಶಾಸಕ ಬಸವರಾಜ ಶಿವಣ್ಣನವರ ಅವರಿಗೆ ಮನವಿ ಸಲ್ಲಿಸಿದರು. ಮಳೆಗೆ ಹಾನಿಯಾದ ಮನೆಗಳನ್ನು ವೀಕ್ಷಿಸಲು ಆಗಮಿಸಿದ್ದ ಶಾಸಕರಿಗೆ ಮನವಿ ಸಲ್ಲಿಸಿ ಮಾತನಾಡಿದ ಗ್ರಾಮಸ್ಥರು, ಬಹಳಷ್ಟು ಶಿಥಿಲಗೊಂಡಿರುವ ದೇವಸ್ಥಾನ ಪುರಾತನ ಕಾಲದಿಂದಲೂ ಭಕ್ತರ ಆರಾಧ್ಯ ದೈವವಾಗಿದೆ. ದೇವಸ್ಥಾನವನ್ನು ಜೀರ್ಣೋದ್ಧಾರ ಮಾಡಿ ಭಕ್ತರ ಅನುಕೂಲಕ್ಕೆ ವ್ಯವಸ್ಥೆ ಮಾಡಬೇಕು ಎಂದು ಒತ್ತಾಯಿಸಿದರು. ಈ ಸಂದರ್ಭದಲ್ಲಿ ಗ್ರಾಮದ ಹಿರಿಯರು, ಯುವಕರು ಹಾಗೂ ಭಕ್ತರು ಉಪಸ್ಥಿತರಿದ್ದರು.
ತಾಲೂಕಿನ ಬಿಸಲಹಳ್ಳಿ ಹಾಗೂ ಬಿದರಕಟ್ಟಿ ಗ್ರಾಮಗಳ ವ್ಯಾಪ್ತಿಯಲ್ಲಿರುವ ಶ್ರೀ ಗುಡ್ಡದ ಆಂಜನೇಯ ದೇವಸ್ಥಾನದ ಜೀರ್ಣೋದ್ಧಾರಕ್ಕೆ ಅನುದಾನ ಒದಗಿಸಿಕೊಡುವಂತೆ ಆಗ್ರಹಿಸಿ ಗ್ರಾಮಸ್ಥರು ಶಾಸಕ ಬಸವರಾಜ ಶಿವಣ್ಣನವರ ಅವರಿಗೆ ಮನವಿ ಸಲ್ಲಿಸಿದರು. ಮಳೆಗೆ ಹಾನಿಯಾದ ಮನೆಗಳನ್ನು
